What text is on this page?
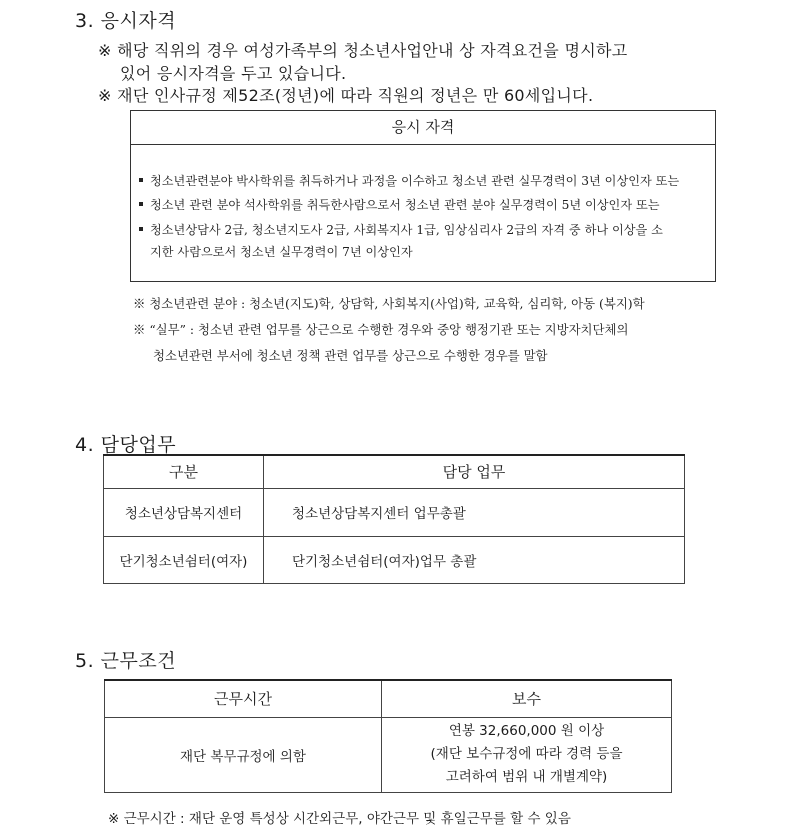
3. 응시자격
※ 해당 직위의 경우 여성가족부의 청소년사업안내 상 자격요건을 명시하고
있어 응시자격을 두고 있습니다.
※ 재단 인사규정 제52조(정년)에 따라 직원의 정년은 만 60세입니다.
응시 자격
청소년관련분야 박사학위를 취득하거나 과정을 이수하고 청소년 관련 실무경력이 3년 이상인자 또는
청소년 관련 분야 석사학위를 취득한사람으로서 청소년 관련 분야 실무경력이 5년 이상인자 또는
청소년상담사 2급, 청소년지도사 2급, 사회복지사 1급, 임상심리사 2급의 자격 중 하나 이상을 소
지한 사람으로서 청소년 실무경력이 7년 이상인자
※ 청소년관련 분야 : 청소년(지도)학, 상담학, 사회복지(사업)학, 교육학, 심리학, 아동 (복지)학
※ “실무” : 청소년 관련 업무를 상근으로 수행한 경우와 중앙 행정기관 또는 지방자치단체의
청소년관련 부서에 청소년 정책 관련 업무를 상근으로 수행한 경우를 말함
4. 담당업무
구분	담당 업무
청소년상담복지센터	청소년상담복지센터 업무총괄
단기청소년쉼터(여자)	단기청소년쉼터(여자)업무 총괄
5. 근무조건
근무시간	보수
재단 복무규정에 의함	연봉 32,660,000 원 이상
(재단 보수규정에 따라 경력 등을
고려하여 범위 내 개별계약)
※ 근무시간 : 재단 운영 특성상 시간외근무, 야간근무 및 휴일근무를 할 수 있음
